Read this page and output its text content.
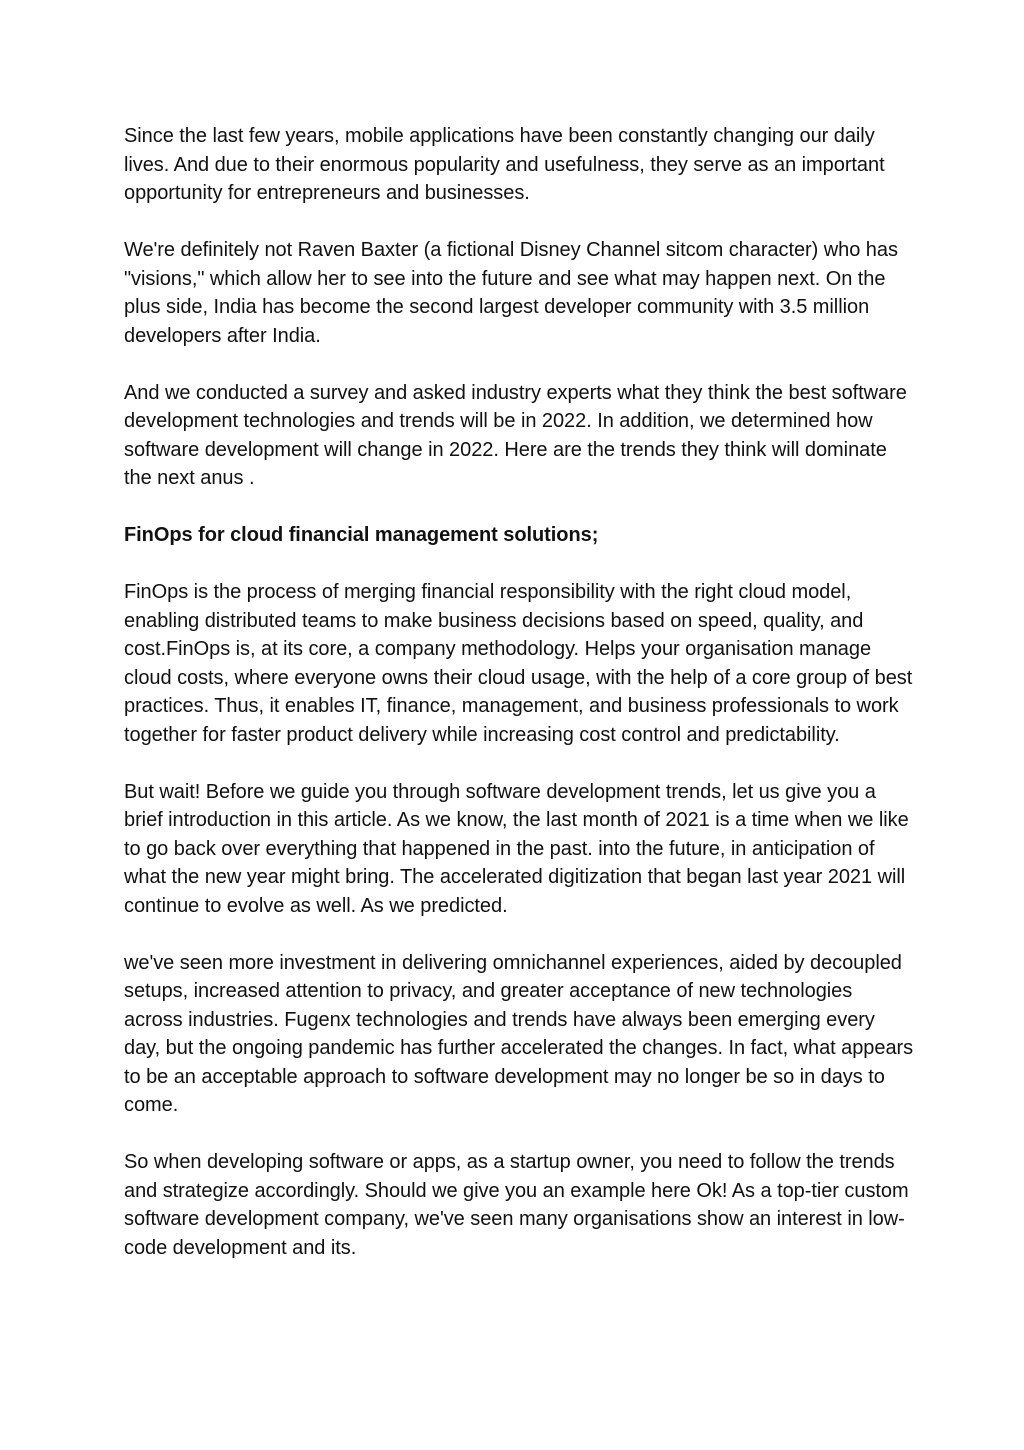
Since the last few years, mobile applications have been constantly changing our daily lives. And due to their enormous popularity and usefulness, they serve as an important opportunity for entrepreneurs and businesses.

We're definitely not Raven Baxter (a fictional Disney Channel sitcom character) who has "visions," which allow her to see into the future and see what may happen next. On the plus side, India has become the second largest developer community with 3.5 million developers after India.

And we conducted a survey and asked industry experts what they think the best software development technologies and trends will be in 2022. In addition, we determined how software development will change in 2022. Here are the trends they think will dominate the next anus .

FinOps for cloud financial management solutions;

FinOps is the process of merging financial responsibility with the right cloud model, enabling distributed teams to make business decisions based on speed, quality, and cost.FinOps is, at its core, a company methodology. Helps your organisation manage cloud costs, where everyone owns their cloud usage, with the help of a core group of best practices. Thus, it enables IT, finance, management, and business professionals to work together for faster product delivery while increasing cost control and predictability.

But wait! Before we guide you through software development trends, let us give you a brief introduction in this article. As we know, the last month of 2021 is a time when we like to go back over everything that happened in the past. into the future, in anticipation of what the new year might bring. The accelerated digitization that began last year 2021 will continue to evolve as well. As we predicted.

we've seen more investment in delivering omnichannel experiences, aided by decoupled setups, increased attention to privacy, and greater acceptance of new technologies across industries. Fugenx technologies and trends have always been emerging every day, but the ongoing pandemic has further accelerated the changes. In fact, what appears to be an acceptable approach to software development may no longer be so in days to come.

So when developing software or apps, as a startup owner, you need to follow the trends and strategize accordingly. Should we give you an example here Ok! As a top-tier custom software development company, we've seen many organisations show an interest in low-code development and its.
